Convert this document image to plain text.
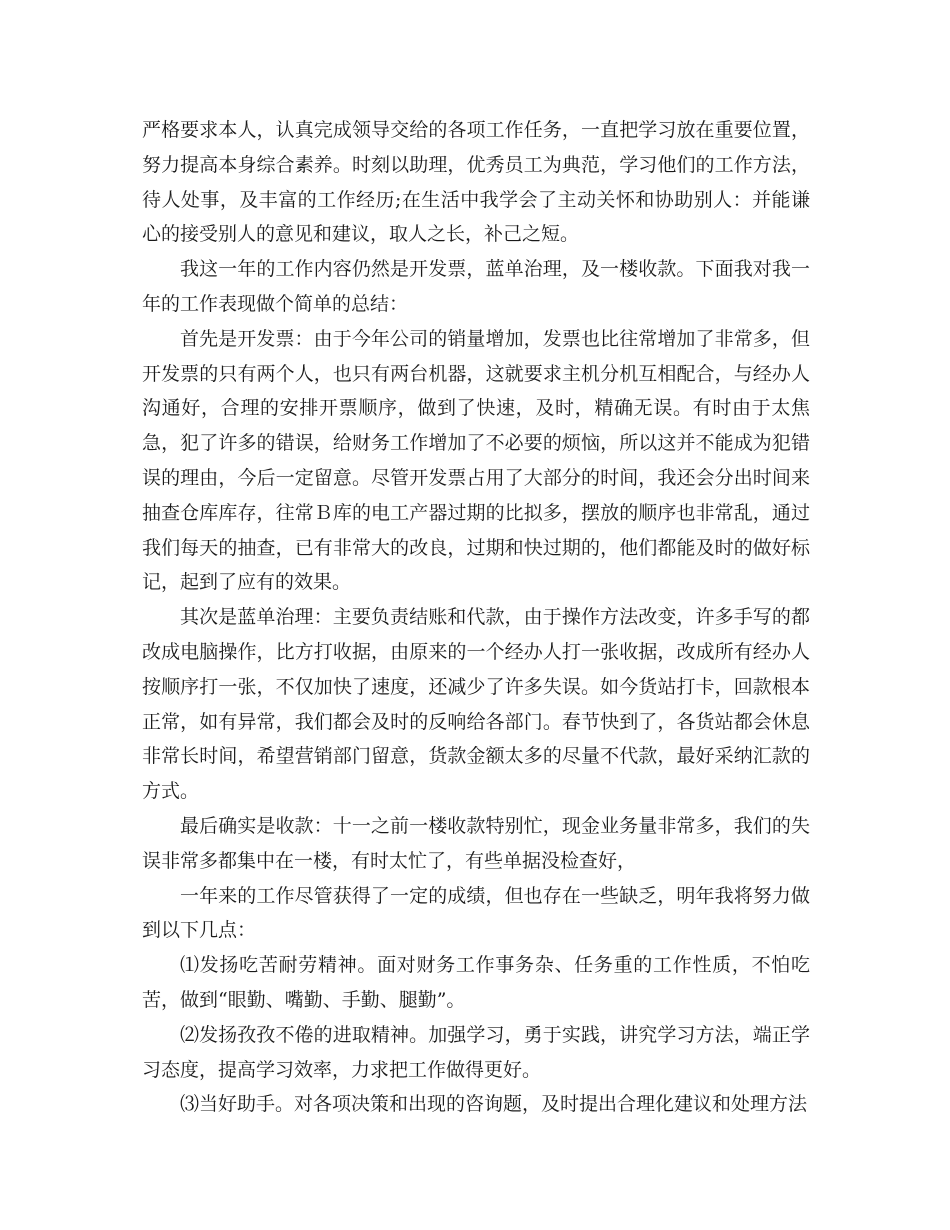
严格要求本人，认真完成领导交给的各项工作任务，一直把学习放在重要位置，努力提高本身综合素养。时刻以助理，优秀员工为典范，学习他们的工作方法，待人处事，及丰富的工作经历;在生活中我学会了主动关怀和协助别人：并能谦心的接受别人的意见和建议，取人之长，补己之短。

我这一年的工作内容仍然是开发票，蓝单治理，及一楼收款。下面我对我一年的工作表现做个简单的总结：

首先是开发票：由于今年公司的销量增加，发票也比往常增加了非常多，但开发票的只有两个人，也只有两台机器，这就要求主机分机互相配合，与经办人沟通好，合理的安排开票顺序，做到了快速，及时，精确无误。有时由于太焦急，犯了许多的错误，给财务工作增加了不必要的烦恼，所以这并不能成为犯错误的理由，今后一定留意。尽管开发票占用了大部分的时间，我还会分出时间来抽查仓库库存，往常Ｂ库的电工产器过期的比拟多，摆放的顺序也非常乱，通过我们每天的抽查，已有非常大的改良，过期和快过期的，他们都能及时的做好标记，起到了应有的效果。

其次是蓝单治理：主要负责结账和代款，由于操作方法改变，许多手写的都改成电脑操作，比方打收据，由原来的一个经办人打一张收据，改成所有经办人按顺序打一张，不仅加快了速度，还减少了许多失误。如今货站打卡，回款根本正常，如有异常，我们都会及时的反响给各部门。春节快到了，各货站都会休息非常长时间，希望营销部门留意，货款金额太多的尽量不代款，最好采纳汇款的方式。

最后确实是收款：十一之前一楼收款特别忙，现金业务量非常多，我们的失误非常多都集中在一楼，有时太忙了，有些单据没检查好，

一年来的工作尽管获得了一定的成绩，但也存在一些缺乏，明年我将努力做到以下几点：

⑴发扬吃苦耐劳精神。面对财务工作事务杂、任务重的工作性质，不怕吃苦，做到“眼勤、嘴勤、手勤、腿勤”。

⑵发扬孜孜不倦的进取精神。加强学习，勇于实践，讲究学习方法，端正学习态度，提高学习效率，力求把工作做得更好。

⑶当好助手。对各项决策和出现的咨询题，及时提出合理化建议和处理方法
